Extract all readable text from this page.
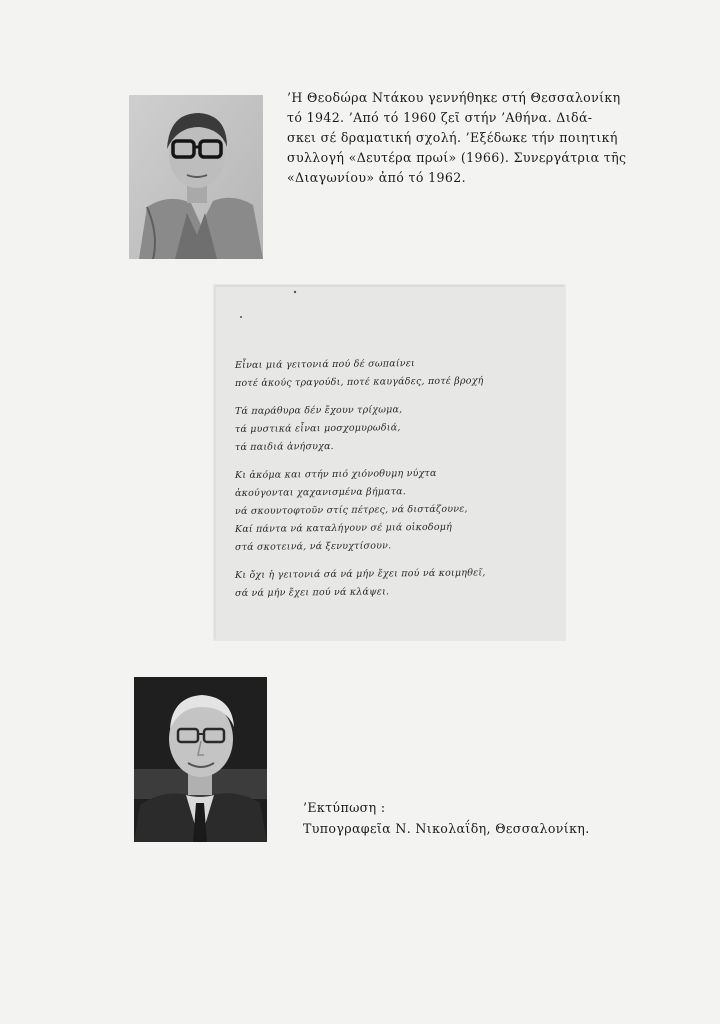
’Η Θεοδώρα Ντάκου γεννήθηκε στή Θεσσαλονίκη

τό 1942. ’Από τό 1960 ζεῖ στήν ’Αθήνα. Διδά-

σκει σέ δραματική σχολή. ’Εξέδωκε τήν ποιητική

συλλογή «Δευτέρα πρωί» (1966). Συνεργάτρια τῆς

«Διαγωνίου» ἀπό τό 1962.

Εἶναι μιά γειτονιά πού δέ σωπαίνει
ποτέ ἀκούς τραγούδι, ποτέ καυγάδες, ποτέ βροχή
Τά παράθυρα δέν ἔχουν τρίχωμα,
τά μυστικά εἶναι μοσχομυρωδιά,
τά παιδιά ἀνήσυχα.
Κι ἀκόμα και στήν πιό χιόνοθυμη νύχτα
ἀκούγονται χαχανισμένα βήματα.
νά σκουντοφτοῦν στίς πέτρες, νά διστάζουνε,
Καί πάντα νά καταλήγουν σέ μιά οἰκοδομή
στά σκοτεινά, νά ξενυχτίσουν.
Κι ὄχι ἡ γειτονιά σά νά μήν ἔχει πού νά κοιμηθεῖ,
σά νά μήν ἔχει πού νά κλάψει.
’Εκτύπωση :
Τυπογραφεῖα Ν. Νικολαΐδη, Θεσσαλονίκη.
